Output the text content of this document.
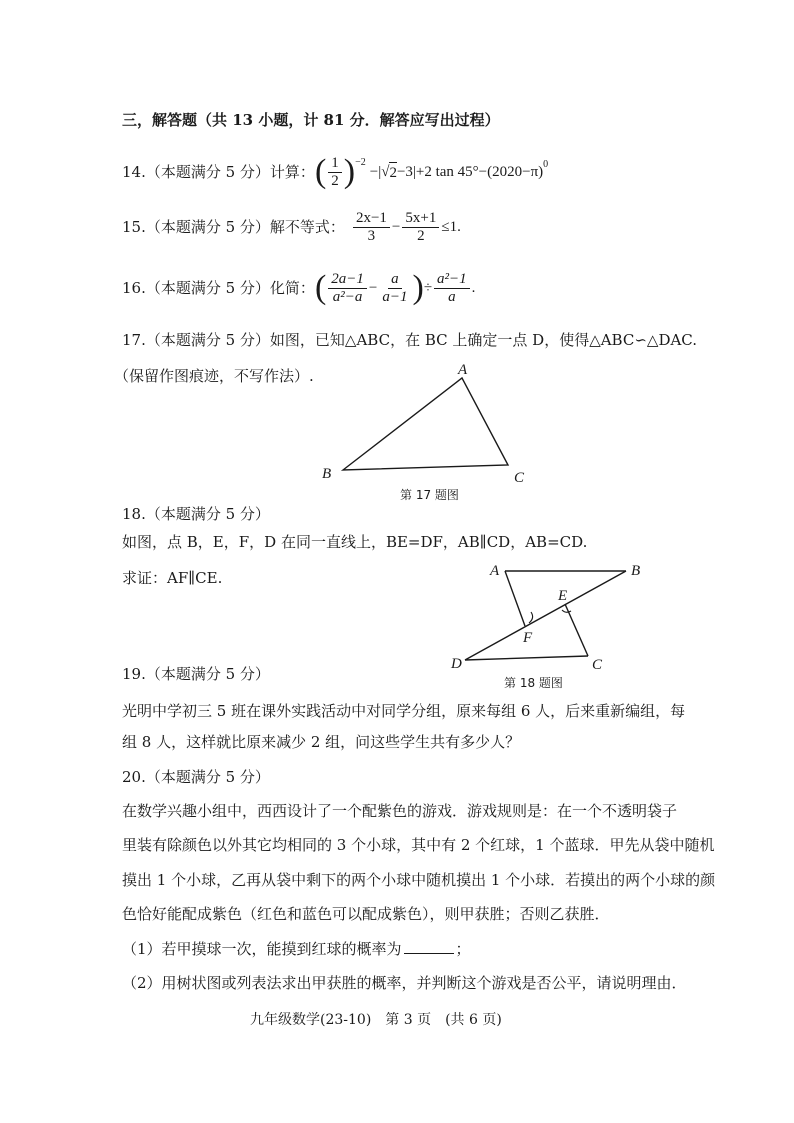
三，解答题（共 13 小题，计 81 分．解答应写出过程）
14.（本题满分 5 分）计算： ( $\frac{1}{2} )^{-2}$
−| √ 2 −3|+2 $\tan 45^\circ-(2020-\pi)^0$
15.（本题满分 5 分）解不等式： $\frac{2x-1}{3} - \frac{5x+1}{2} \le 1$.
16.（本题满分 5 分）化简： ( $\frac{2a-1}{\text{a²−a}} - \frac{a}{a-1}$ ) ÷ $\frac{\text{a²−1}}{a}$ .
17.（本题满分 5 分）如图，已知△ABC，在 BC 上确定一点 D，使得△ABC∽△DAC.
（保留作图痕迹，不写作法）.	A
B	C
第 17 题图
18.（本题满分 5 分）
如图，点 B，E，F，D 在同一直线上，BE=DF，AB∥CD，AB=CD.
求证：AF∥CE.	A	B
E
F
D	C
第 18 题图
19.（本题满分 5 分）
光明中学初三 5 班在课外实践活动中对同学分组，原来每组 6 人，后来重新编组，每
组 8 人，这样就比原来减少 2 组，问这些学生共有多少人？
20.（本题满分 5 分）
在数学兴趣小组中，西西设计了一个配紫色的游戏．游戏规则是：在一个不透明袋子
里装有除颜色以外其它均相同的 3 个小球，其中有 2 个红球，1 个蓝球．甲先从袋中随机
摸出 1 个小球，乙再从袋中剩下的两个小球中随机摸出 1 个小球．若摸出的两个小球的颜
色恰好能配成紫色（红色和蓝色可以配成紫色），则甲获胜；否则乙获胜．
（1）若甲摸球一次，能摸到红球的概率为	；
（2）用树状图或列表法求出甲获胜的概率，并判断这个游戏是否公平，请说明理由．
九年级数学(23-10)　第 3 页　(共 6 页)
